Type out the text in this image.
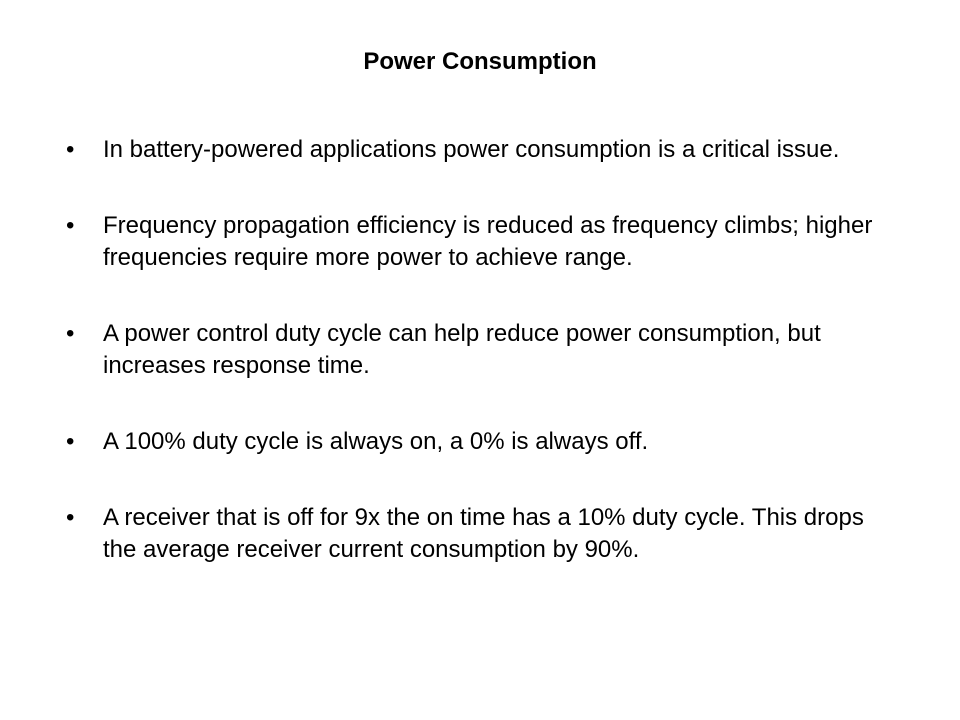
Power Consumption
•	In battery-powered applications power consumption is a critical issue.
•	Frequency propagation efficiency is reduced as frequency climbs; higher frequencies require more power to achieve range.
•	A power control duty cycle can help reduce power consumption, but increases response time.
•	A 100% duty cycle is always on, a 0% is always off.
•	A receiver that is off for 9x the on time has a 10% duty cycle. This drops the average receiver current consumption by 90%.
